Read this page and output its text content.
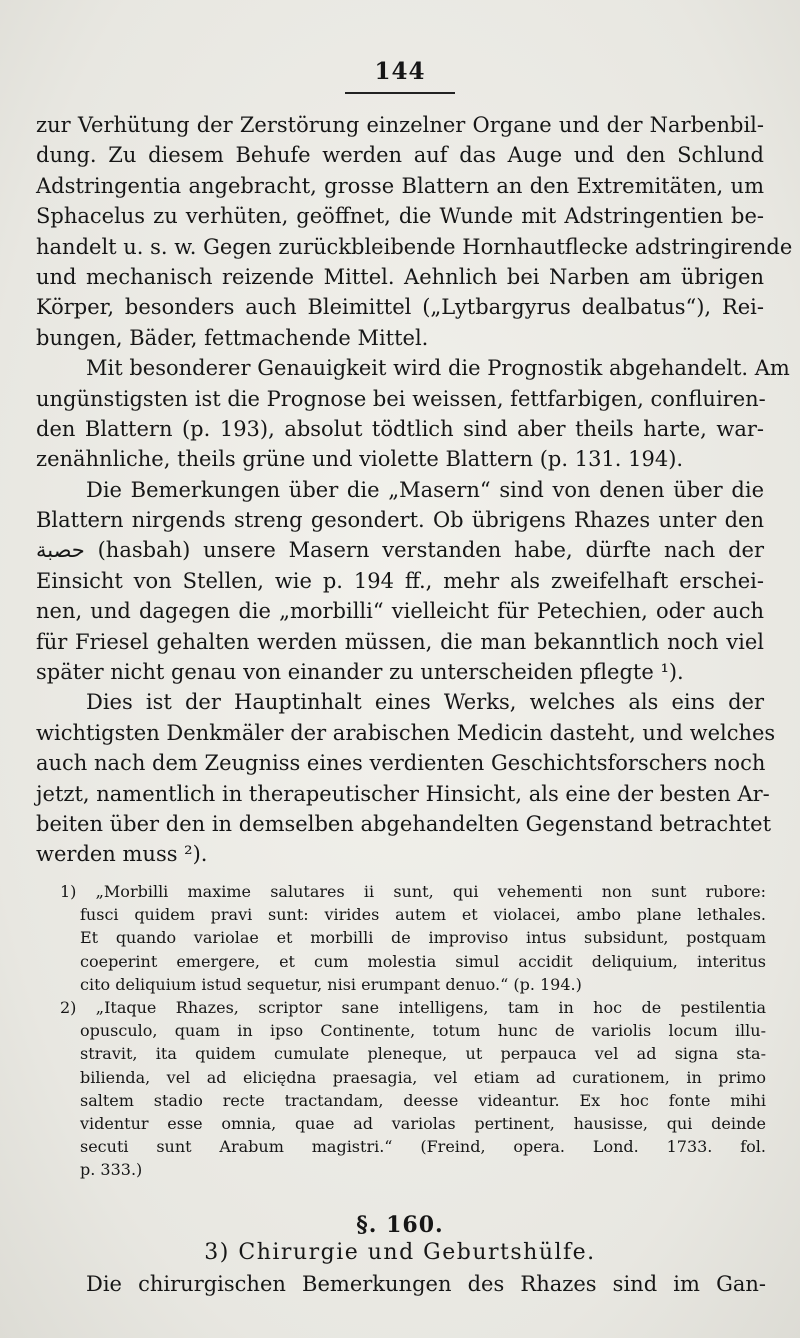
144
zur Verhütung der Zerstörung einzelner Organe und der Narbenbil-
dung. Zu diesem Behufe werden auf das Auge und den Schlund
Adstringentia angebracht, grosse Blattern an den Extremitäten, um
Sphacelus zu verhüten, geöffnet, die Wunde mit Adstringentien be-
handelt u. s. w. Gegen zurückbleibende Hornhautflecke adstringirende
und mechanisch reizende Mittel. Aehnlich bei Narben am übrigen
Körper, besonders auch Bleimittel („Lytbargyrus dealbatus“), Rei-
bungen, Bäder, fettmachende Mittel.
Mit besonderer Genauigkeit wird die Prognostik abgehandelt. Am
ungünstigsten ist die Prognose bei weissen, fettfarbigen, confluiren-
den Blattern (p. 193), absolut tödtlich sind aber theils harte, war-
zenähnliche, theils grüne und violette Blattern (p. 131. 194).
Die Bemerkungen über die „Masern“ sind von denen über die
Blattern nirgends streng gesondert. Ob übrigens Rhazes unter den
حصبة (hasbah) unsere Masern verstanden habe, dürfte nach der
Einsicht von Stellen, wie p. 194 ff., mehr als zweifelhaft erschei-
nen, und dagegen die „morbilli“ vielleicht für Petechien, oder auch
für Friesel gehalten werden müssen, die man bekanntlich noch viel
später nicht genau von einander zu unterscheiden pflegte ¹).
Dies ist der Hauptinhalt eines Werks, welches als eins der
wichtigsten Denkmäler der arabischen Medicin dasteht, und welches
auch nach dem Zeugniss eines verdienten Geschichtsforschers noch
jetzt, namentlich in therapeutischer Hinsicht, als eine der besten Ar-
beiten über den in demselben abgehandelten Gegenstand betrachtet
werden muss ²).
1) „Morbilli maxime salutares ii sunt, qui vehementi non sunt rubore:
fusci quidem pravi sunt: virides autem et violacei, ambo plane lethales.
Et quando variolae et morbilli de improviso intus subsidunt, postquam
coeperint emergere, et cum molestia simul accidit deliquium, interitus
cito deliquium istud sequetur, nisi erumpant denuo.“ (p. 194.)
2) „Itaque Rhazes, scriptor sane intelligens, tam in hoc de pestilentia
opusculo, quam in ipso Continente, totum hunc de variolis locum illu-
stravit, ita quidem cumulate pleneque, ut perpauca vel ad signa sta-
bilienda, vel ad eliciędna praesagia, vel etiam ad curationem, in primo
saltem stadio recte tractandam, deesse videantur. Ex hoc fonte mihi
videntur esse omnia, quae ad variolas pertinent, hausisse, qui deinde
secuti sunt Arabum magistri.“ (Freind, opera. Lond. 1733. fol.
p. 333.)
§. 160.
3) Chirurgie und Geburtshülfe.
Die chirurgischen Bemerkungen des Rhazes sind im Gan-
